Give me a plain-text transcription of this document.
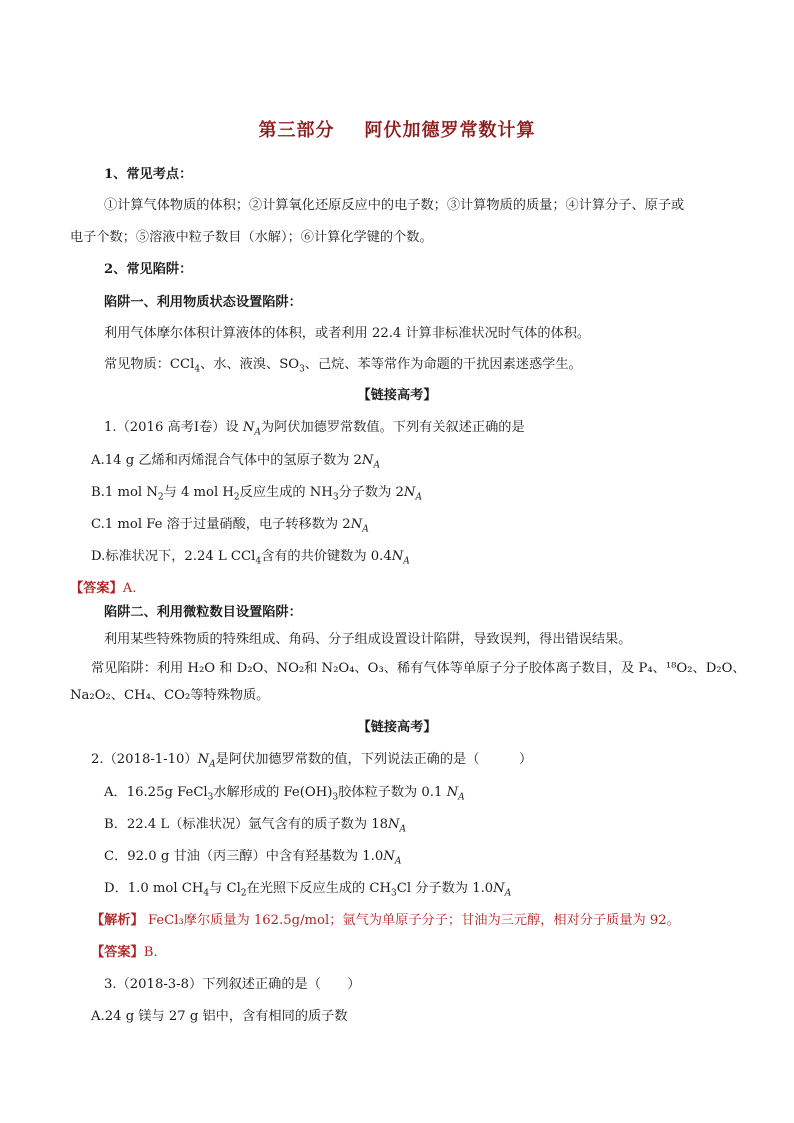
第三部分 阿伏加德罗常数计算
1、常见考点：
①计算气体物质的体积；②计算氧化还原反应中的电子数；③计算物质的质量；④计算分子、原子或
电子个数；⑤溶液中粒子数目（水解）；⑥计算化学键的个数。
2、常见陷阱：
陷阱一、利用物质状态设置陷阱：
利用气体摩尔体积计算液体的体积，或者利用 22.4 计算非标准状况时气体的体积。
常见物质：CCl$_4$、水、液溴、$SO_3$、己烷、苯等常作为命题的干扰因素迷惑学生。
【链接高考】
1.（2016 高考Ⅰ卷）设 $N_A$为阿伏加德罗常数值。下列有关叙述正确的是
A.14 g 乙烯和丙烯混合气体中的氢原子数为 $2N_A$
B.1 mol $N_2$与 4 mol $H_2$反应生成的 $NH_3$分子数为 $2N_A$
C.1 mol Fe 溶于过量硝酸，电子转移数为 $2N_A$
D.标准状况下，2.24 L CCl$_4$含有的共价键数为 $0.4N_A$
【答案】A.
陷阱二、利用微粒数目设置陷阱：
利用某些特殊物质的特殊组成、角码、分子组成设置设计陷阱，导致误判，得出错误结果。
常见陷阱：利用 H₂O 和 D₂O、NO₂和 N₂O₄、O₃、稀有气体等单原子分子胶体离子数目，及 P₄、¹⁸O₂、D₂O、
Na₂O₂、CH₄、CO₂等特殊物质。
【链接高考】
$2.(2018-1-10)N_A$是阿伏加德罗常数的值，下列说法正确的是（　　　）
A．16.25g FeCl$_3$水解形成的 $Fe(OH)_3$胶体粒子数为 0.1 $N_A$
B．22.4 L（标准状况）氩气含有的质子数为 $18N_A$
C．92.0 g 甘油（丙三醇）中含有羟基数为 $1.0N_A$
D．1.0 mol $CH_4$与 $Cl_2$在光照下反应生成的 $CH_3Cl$ 分子数为 $1.0N_A$
【解析】 FeCl₃摩尔质量为 162.5g/mol；氩气为单原子分子；甘油为三元醇，相对分子质量为 92。
【答案】B.
3.（2018-3-8）下列叙述正确的是（　　）
A.24 g 镁与 27 g 铝中，含有相同的质子数
